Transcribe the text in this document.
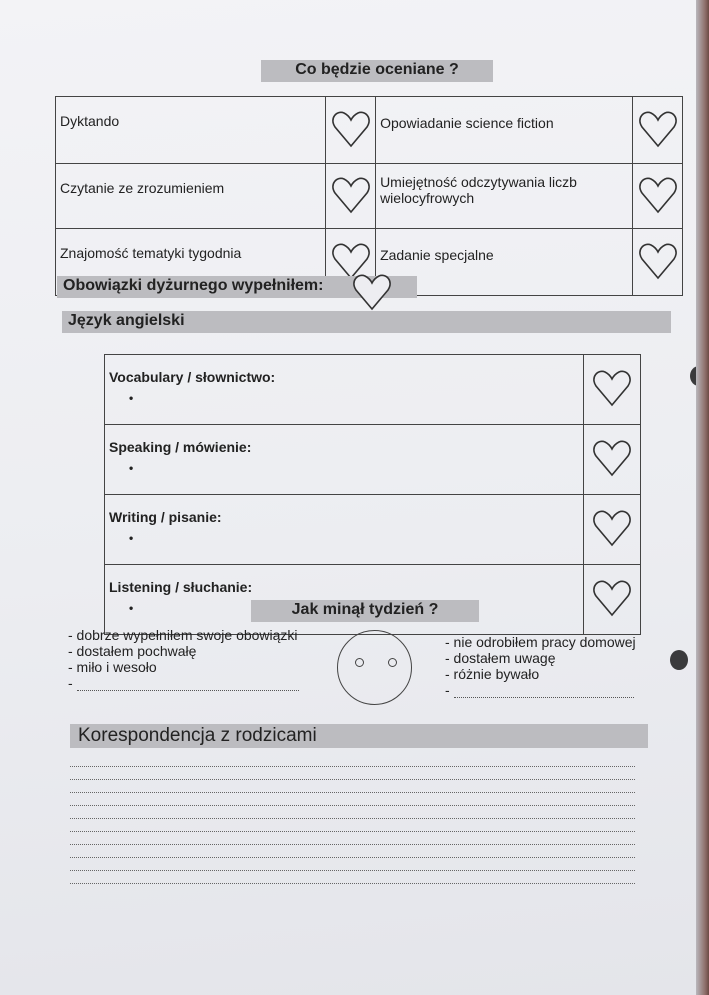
Co będzie oceniane ?
Dyktando		Opowiadanie science fiction	
Czytanie ze zrozumieniem		Umiejętność odczytywania liczb wielocyfrowych	
Znajomość tematyki tygodnia		Zadanie specjalne	
Obowiązki dyżurnego wypełniłem:
Język angielski
Vocabulary / słownictwo:
•

Speaking / mówienie:
•

Writing / pisanie:
•

Listening / słuchanie:
•
		Jak minął tydzień ?
- dobrze wypełniłem swoje obowiązki
- dostałem pochwałę
- miło i wesoło
-
- nie odrobiłem pracy domowej
- dostałem uwagę
- różnie bywało
-
Korespondencja z rodzicami
